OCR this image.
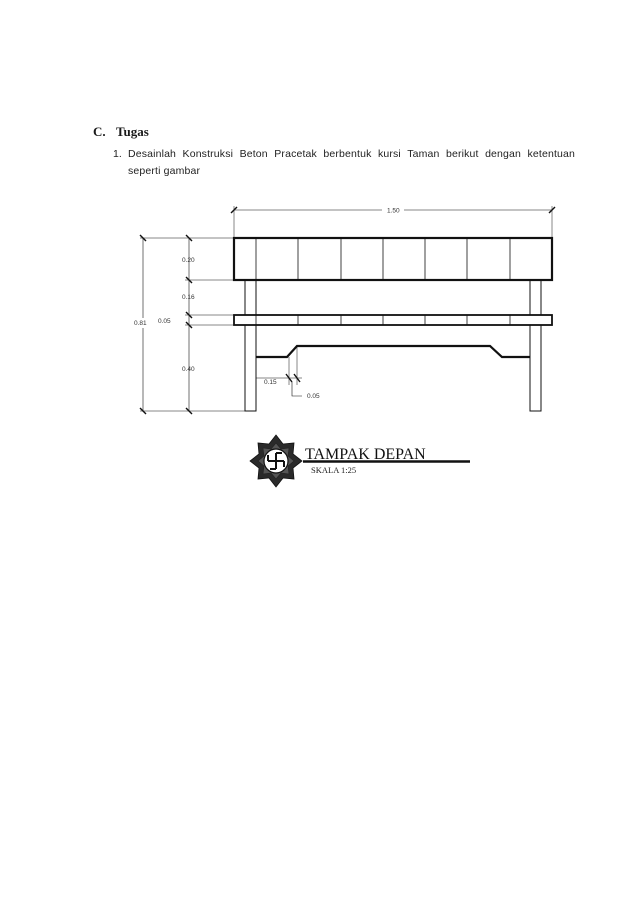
C. Tugas
1. Desainlah Konstruksi Beton Pracetak berbentuk kursi Taman berikut dengan ketentuan seperti gambar
1.50
0.81
0.20
0.16
0.05
0.40
0.15
0.05
TAMPAK DEPAN
SKALA 1:25
